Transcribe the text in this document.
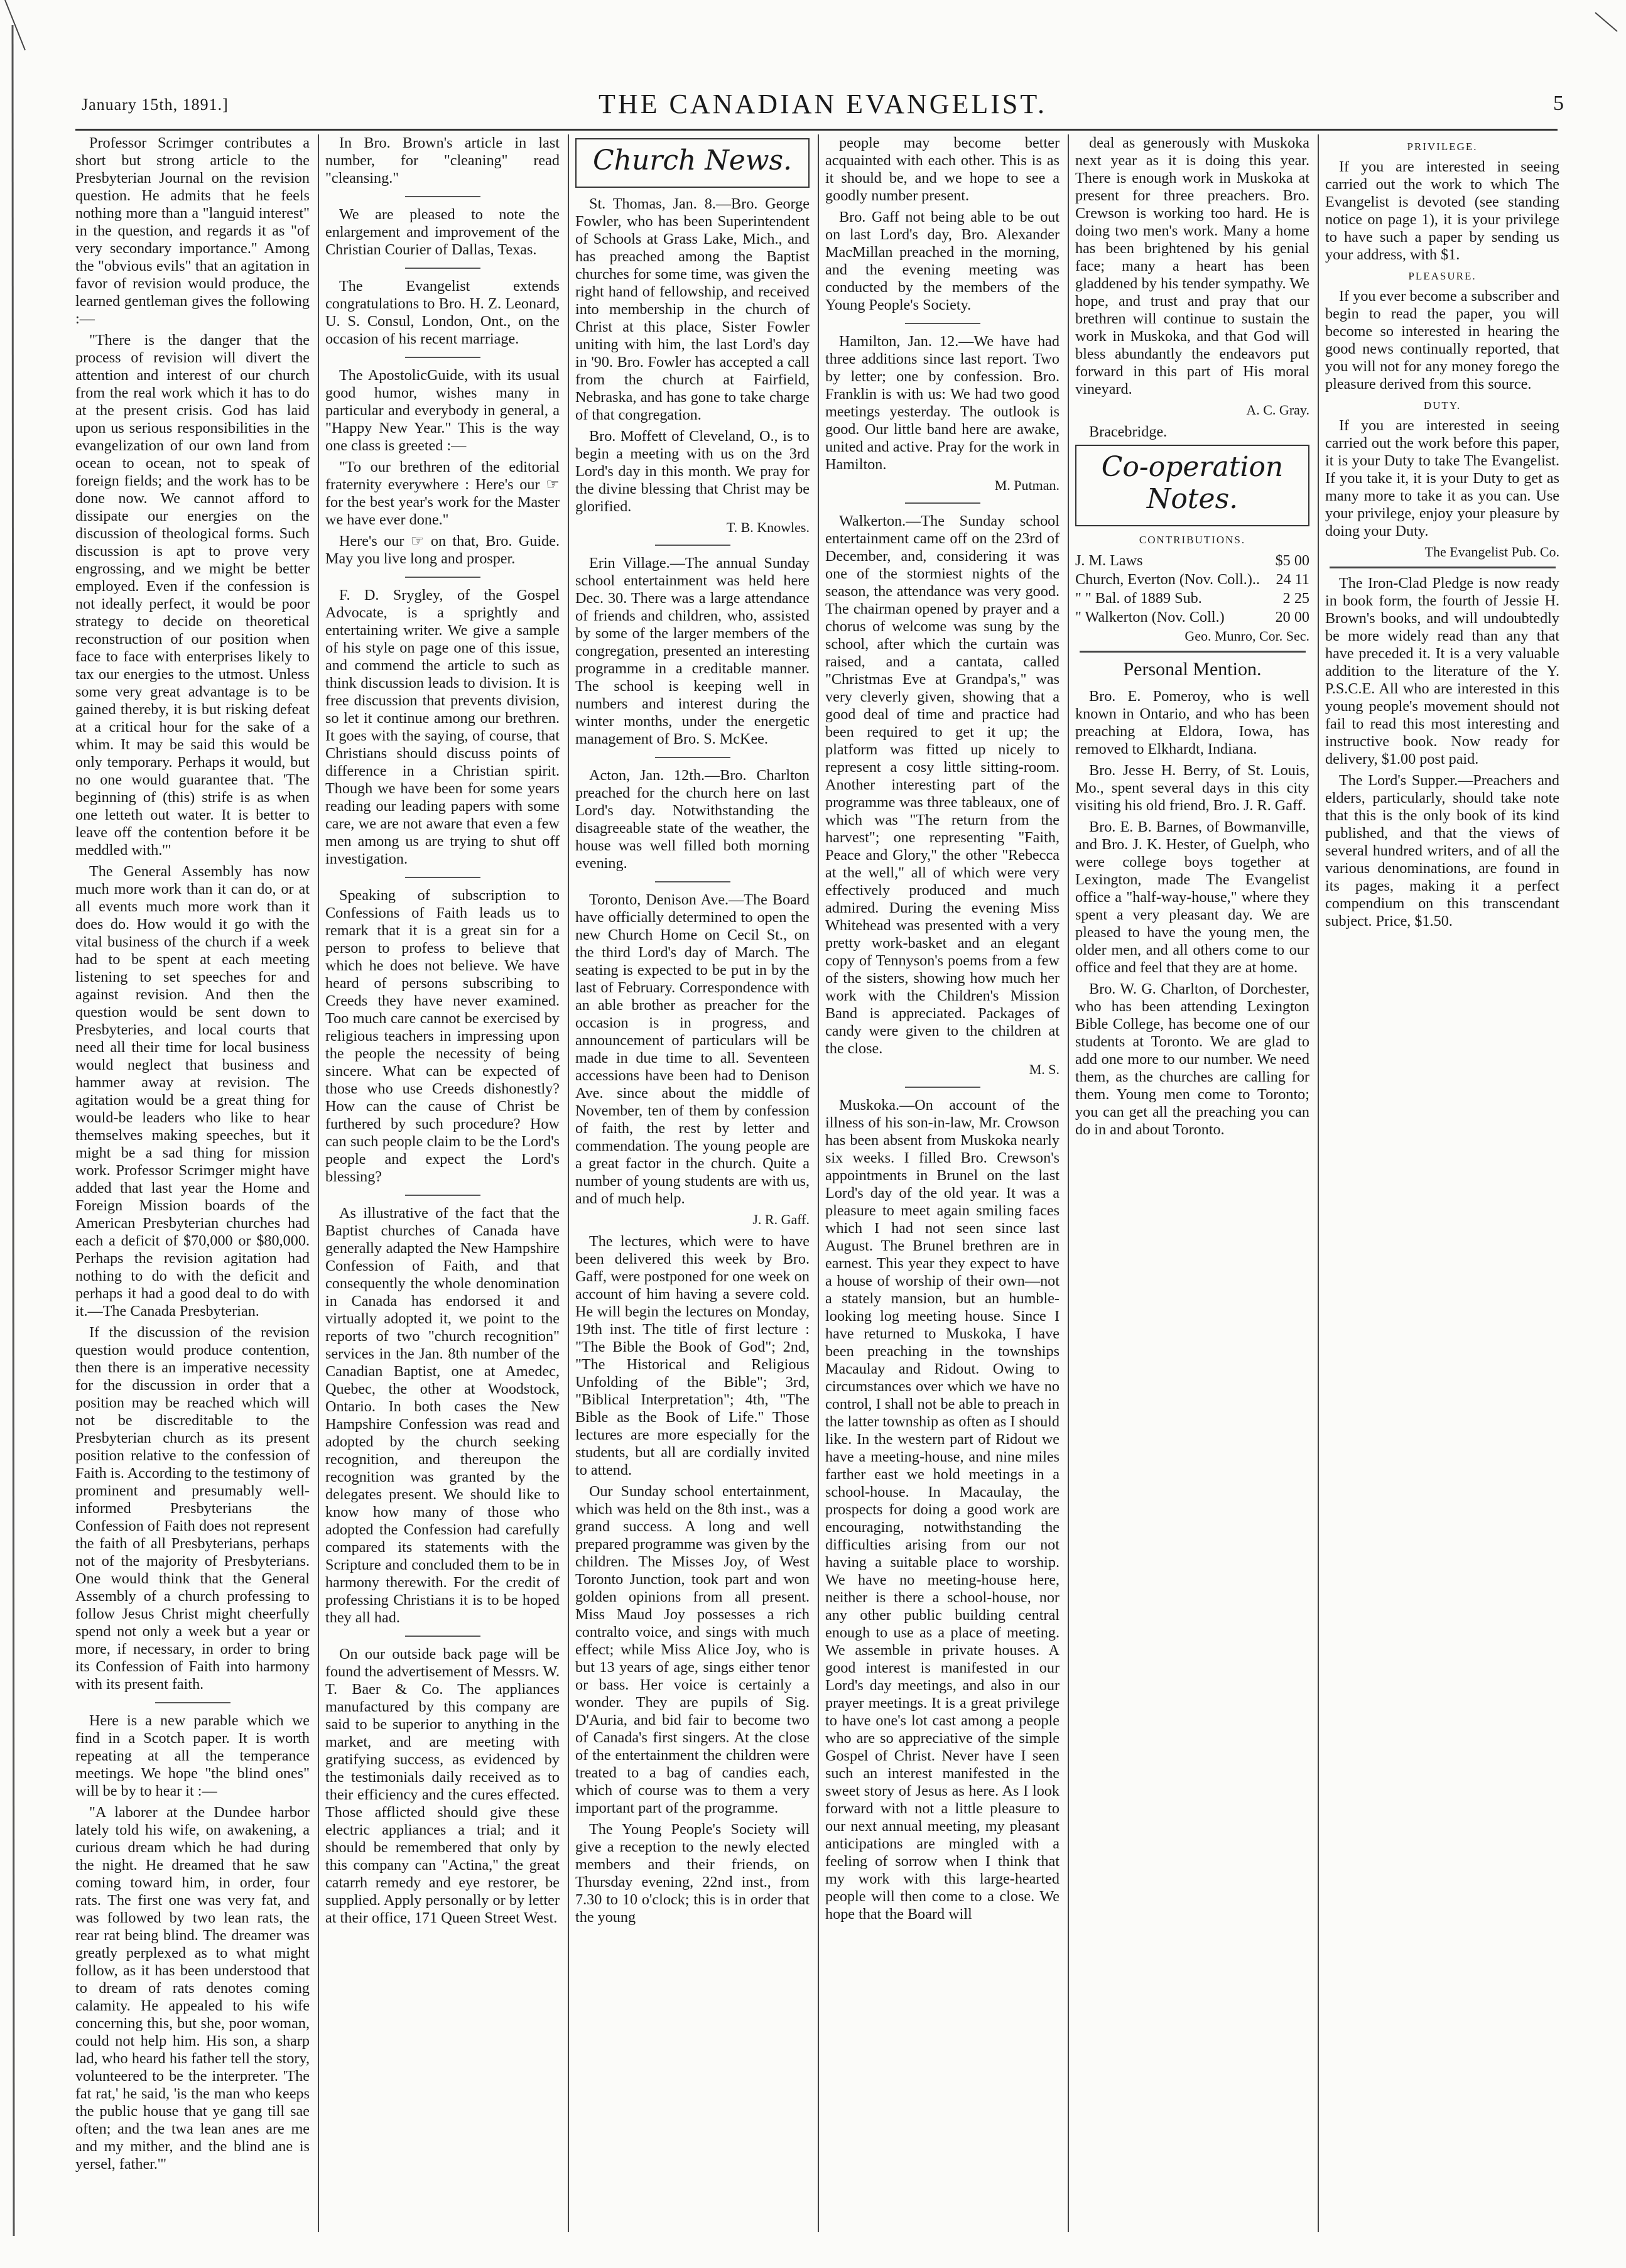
January 15th, 1891.]	THE CANADIAN EVANGELIST.	5

Professor Scrimger contributes a short but strong article to the Presbyterian Journal on the revision question. He admits that he feels nothing more than a "languid interest" in the question, and regards it as "of very secondary importance." Among the "obvious evils" that an agitation in favor of revision would produce, the learned gentleman gives the following :—

"There is the danger that the process of revision will divert the attention and interest of our church from the real work which it has to do at the present crisis. God has laid upon us serious responsibilities in the evangelization of our own land from ocean to ocean, not to speak of foreign fields; and the work has to be done now. We cannot afford to dissipate our energies on the discussion of theological forms. Such discussion is apt to prove very engrossing, and we might be better employed. Even if the confession is not ideally perfect, it would be poor strategy to decide on theoretical reconstruction of our position when face to face with enterprises likely to tax our energies to the utmost. Unless some very great advantage is to be gained thereby, it is but risking defeat at a critical hour for the sake of a whim. It may be said this would be only temporary. Perhaps it would, but no one would guarantee that. 'The beginning of (this) strife is as when one letteth out water. It is better to leave off the contention before it be meddled with.'"

The General Assembly has now much more work than it can do, or at all events much more work than it does do. How would it go with the vital business of the church if a week had to be spent at each meeting listening to set speeches for and against revision. And then the question would be sent down to Presbyteries, and local courts that need all their time for local business would neglect that business and hammer away at revision. The agitation would be a great thing for would-be leaders who like to hear themselves making speeches, but it might be a sad thing for mission work. Professor Scrimger might have added that last year the Home and Foreign Mission boards of the American Presbyterian churches had each a deficit of $70,000 or $80,000. Perhaps the revision agitation had nothing to do with the deficit and perhaps it had a good deal to do with it.—The Canada Presbyterian.

If the discussion of the revision question would produce contention, then there is an imperative necessity for the discussion in order that a position may be reached which will not be discreditable to the Presbyterian church as its present position relative to the confession of Faith is. According to the testimony of prominent and presumably well-informed Presbyterians the Confession of Faith does not represent the faith of all Presbyterians, perhaps not of the majority of Presbyterians. One would think that the General Assembly of a church professing to follow Jesus Christ might cheerfully spend not only a week but a year or more, if necessary, in order to bring its Confession of Faith into harmony with its present faith.

Here is a new parable which we find in a Scotch paper. It is worth repeating at all the temperance meetings. We hope "the blind ones" will be by to hear it :—

"A laborer at the Dundee harbor lately told his wife, on awakening, a curious dream which he had during the night. He dreamed that he saw coming toward him, in order, four rats. The first one was very fat, and was followed by two lean rats, the rear rat being blind. The dreamer was greatly perplexed as to what might follow, as it has been understood that to dream of rats denotes coming calamity. He appealed to his wife concerning this, but she, poor woman, could not help him. His son, a sharp lad, who heard his father tell the story, volunteered to be the interpreter. 'The fat rat,' he said, 'is the man who keeps the public house that ye gang till sae often; and the twa lean anes are me and my mither, and the blind ane is yersel, father.'"

In Bro. Brown's article in last number, for "cleaning" read "cleansing."

We are pleased to note the enlargement and improvement of the Christian Courier of Dallas, Texas.

The Evangelist extends congratulations to Bro. H. Z. Leonard, U. S. Consul, London, Ont., on the occasion of his recent marriage.

The ApostolicGuide, with its usual good humor, wishes many in particular and everybody in general, a "Happy New Year." This is the way one class is greeted :—

"To our brethren of the editorial fraternity everywhere : Here's our ☞ for the best year's work for the Master we have ever done."

Here's our ☞ on that, Bro. Guide. May you live long and prosper.

F. D. Srygley, of the Gospel Advocate, is a sprightly and entertaining writer. We give a sample of his style on page one of this issue, and commend the article to such as think discussion leads to division. It is free discussion that prevents division, so let it continue among our brethren. It goes with the saying, of course, that Christians should discuss points of difference in a Christian spirit. Though we have been for some years reading our leading papers with some care, we are not aware that even a few men among us are trying to shut off investigation.

Speaking of subscription to Confessions of Faith leads us to remark that it is a great sin for a person to profess to believe that which he does not believe. We have heard of persons subscribing to Creeds they have never examined. Too much care cannot be exercised by religious teachers in impressing upon the people the necessity of being sincere. What can be expected of those who use Creeds dishonestly? How can the cause of Christ be furthered by such procedure? How can such people claim to be the Lord's people and expect the Lord's blessing?

As illustrative of the fact that the Baptist churches of Canada have generally adapted the New Hampshire Confession of Faith, and that consequently the whole denomination in Canada has endorsed it and virtually adopted it, we point to the reports of two "church recognition" services in the Jan. 8th number of the Canadian Baptist, one at Amedec, Quebec, the other at Woodstock, Ontario. In both cases the New Hampshire Confession was read and adopted by the church seeking recognition, and thereupon the recognition was granted by the delegates present. We should like to know how many of those who adopted the Confession had carefully compared its statements with the Scripture and concluded them to be in harmony therewith. For the credit of professing Christians it is to be hoped they all had.

On our outside back page will be found the advertisement of Messrs. W. T. Baer & Co. The appliances manufactured by this company are said to be superior to anything in the market, and are meeting with gratifying success, as evidenced by the testimonials daily received as to their efficiency and the cures effected. Those afflicted should give these electric appliances a trial; and it should be remembered that only by this company can "Actina," the great catarrh remedy and eye restorer, be supplied. Apply personally or by letter at their office, 171 Queen Street West.

Church News.

St. Thomas, Jan. 8.—Bro. George Fowler, who has been Superintendent of Schools at Grass Lake, Mich., and has preached among the Baptist churches for some time, was given the right hand of fellowship, and received into membership in the church of Christ at this place, Sister Fowler uniting with him, the last Lord's day in '90. Bro. Fowler has accepted a call from the church at Fairfield, Nebraska, and has gone to take charge of that congregation.

Bro. Moffett of Cleveland, O., is to begin a meeting with us on the 3rd Lord's day in this month. We pray for the divine blessing that Christ may be glorified.

T. B. Knowles.

Erin Village.—The annual Sunday school entertainment was held here Dec. 30. There was a large attendance of friends and children, who, assisted by some of the larger members of the congregation, presented an interesting programme in a creditable manner. The school is keeping well in numbers and interest during the winter months, under the energetic management of Bro. S. McKee.

Acton, Jan. 12th.—Bro. Charlton preached for the church here on last Lord's day. Notwithstanding the disagreeable state of the weather, the house was well filled both morning evening.

Toronto, Denison Ave.—The Board have officially determined to open the new Church Home on Cecil St., on the third Lord's day of March. The seating is expected to be put in by the last of February. Correspondence with an able brother as preacher for the occasion is in progress, and announcement of particulars will be made in due time to all. Seventeen accessions have been had to Denison Ave. since about the middle of November, ten of them by confession of faith, the rest by letter and commendation. The young people are a great factor in the church. Quite a number of young students are with us, and of much help.

J. R. Gaff.

The lectures, which were to have been delivered this week by Bro. Gaff, were postponed for one week on account of him having a severe cold. He will begin the lectures on Monday, 19th inst. The title of first lecture : "The Bible the Book of God"; 2nd, "The Historical and Religious Unfolding of the Bible"; 3rd, "Biblical Interpretation"; 4th, "The Bible as the Book of Life." Those lectures are more especially for the students, but all are cordially invited to attend.

Our Sunday school entertainment, which was held on the 8th inst., was a grand success. A long and well prepared programme was given by the children. The Misses Joy, of West Toronto Junction, took part and won golden opinions from all present. Miss Maud Joy possesses a rich contralto voice, and sings with much effect; while Miss Alice Joy, who is but 13 years of age, sings either tenor or bass. Her voice is certainly a wonder. They are pupils of Sig. D'Auria, and bid fair to become two of Canada's first singers. At the close of the entertainment the children were treated to a bag of candies each, which of course was to them a very important part of the programme.

The Young People's Society will give a reception to the newly elected members and their friends, on Thursday evening, 22nd inst., from 7.30 to 10 o'clock; this is in order that the young

people may become better acquainted with each other. This is as it should be, and we hope to see a goodly number present.

Bro. Gaff not being able to be out on last Lord's day, Bro. Alexander MacMillan preached in the morning, and the evening meeting was conducted by the members of the Young People's Society.

Hamilton, Jan. 12.—We have had three additions since last report. Two by letter; one by confession. Bro. Franklin is with us: We had two good meetings yesterday. The outlook is good. Our little band here are awake, united and active. Pray for the work in Hamilton.

M. Putman.

Walkerton.—The Sunday school entertainment came off on the 23rd of December, and, considering it was one of the stormiest nights of the season, the attendance was very good. The chairman opened by prayer and a chorus of welcome was sung by the school, after which the curtain was raised, and a cantata, called "Christmas Eve at Grandpa's," was very cleverly given, showing that a good deal of time and practice had been required to get it up; the platform was fitted up nicely to represent a cosy little sitting-room. Another interesting part of the programme was three tableaux, one of which was "The return from the harvest"; one representing "Faith, Peace and Glory," the other "Rebecca at the well," all of which were very effectively produced and much admired. During the evening Miss Whitehead was presented with a very pretty work-basket and an elegant copy of Tennyson's poems from a few of the sisters, showing how much her work with the Children's Mission Band is appreciated. Packages of candy were given to the children at the close.

M. S.

Muskoka.—On account of the illness of his son-in-law, Mr. Crowson has been absent from Muskoka nearly six weeks. I filled Bro. Crewson's appointments in Brunel on the last Lord's day of the old year. It was a pleasure to meet again smiling faces which I had not seen since last August. The Brunel brethren are in earnest. This year they expect to have a house of worship of their own—not a stately mansion, but an humble-looking log meeting house. Since I have returned to Muskoka, I have been preaching in the townships Macaulay and Ridout. Owing to circumstances over which we have no control, I shall not be able to preach in the latter township as often as I should like. In the western part of Ridout we have a meeting-house, and nine miles farther east we hold meetings in a school-house. In Macaulay, the prospects for doing a good work are encouraging, notwithstanding the difficulties arising from our not having a suitable place to worship. We have no meeting-house here, neither is there a school-house, nor any other public building central enough to use as a place of meeting. We assemble in private houses. A good interest is manifested in our Lord's day meetings, and also in our prayer meetings. It is a great privilege to have one's lot cast among a people who are so appreciative of the simple Gospel of Christ. Never have I seen such an interest manifested in the sweet story of Jesus as here. As I look forward with not a little pleasure to our next annual meeting, my pleasant anticipations are mingled with a feeling of sorrow when I think that my work with this large-hearted people will then come to a close. We hope that the Board will

deal as generously with Muskoka next year as it is doing this year. There is enough work in Muskoka at present for three preachers. Bro. Crewson is working too hard. He is doing two men's work. Many a home has been brightened by his genial face; many a heart has been gladdened by his tender sympathy. We hope, and trust and pray that our brethren will continue to sustain the work in Muskoka, and that God will bless abundantly the endeavors put forward in this part of His moral vineyard.

A. C. Gray.
Bracebridge.
Co-operation Notes.
CONTRIBUTIONS.
J. M. Laws	$5 00
Church, Everton (Nov. Coll.).. 24 11
" " Bal. of 1889 Sub.	2 25
" Walkerton (Nov. Coll.)	20 00
Geo. Munro, Cor. Sec.
Personal Mention.

Bro. E. Pomeroy, who is well known in Ontario, and who has been preaching at Eldora, Iowa, has removed to Elkhardt, Indiana.

Bro. Jesse H. Berry, of St. Louis, Mo., spent several days in this city visiting his old friend, Bro. J. R. Gaff.

Bro. E. B. Barnes, of Bowmanville, and Bro. J. K. Hester, of Guelph, who were college boys together at Lexington, made The Evangelist office a "half-way-house," where they spent a very pleasant day. We are pleased to have the young men, the older men, and all others come to our office and feel that they are at home.

Bro. W. G. Charlton, of Dorchester, who has been attending Lexington Bible College, has become one of our students at Toronto. We are glad to add one more to our number. We need them, as the churches are calling for them. Young men come to Toronto; you can get all the preaching you can do in and about Toronto.

PRIVILEGE.

If you are interested in seeing carried out the work to which The Evangelist is devoted (see standing notice on page 1), it is your privilege to have such a paper by sending us your address, with $1.

PLEASURE.

If you ever become a subscriber and begin to read the paper, you will become so interested in hearing the good news continually reported, that you will not for any money forego the pleasure derived from this source.

DUTY.

If you are interested in seeing carried out the work before this paper, it is your Duty to take The Evangelist. If you take it, it is your Duty to get as many more to take it as you can. Use your privilege, enjoy your pleasure by doing your Duty.

The Evangelist Pub. Co.

The Iron-Clad Pledge is now ready in book form, the fourth of Jessie H. Brown's books, and will undoubtedly be more widely read than any that have preceded it. It is a very valuable addition to the literature of the Y. P.S.C.E. All who are interested in this young people's movement should not fail to read this most interesting and instructive book. Now ready for delivery, $1.00 post paid.

The Lord's Supper.—Preachers and elders, particularly, should take note that this is the only book of its kind published, and that the views of several hundred writers, and of all the various denominations, are found in its pages, making it a perfect compendium on this transcendant subject. Price, $1.50.
